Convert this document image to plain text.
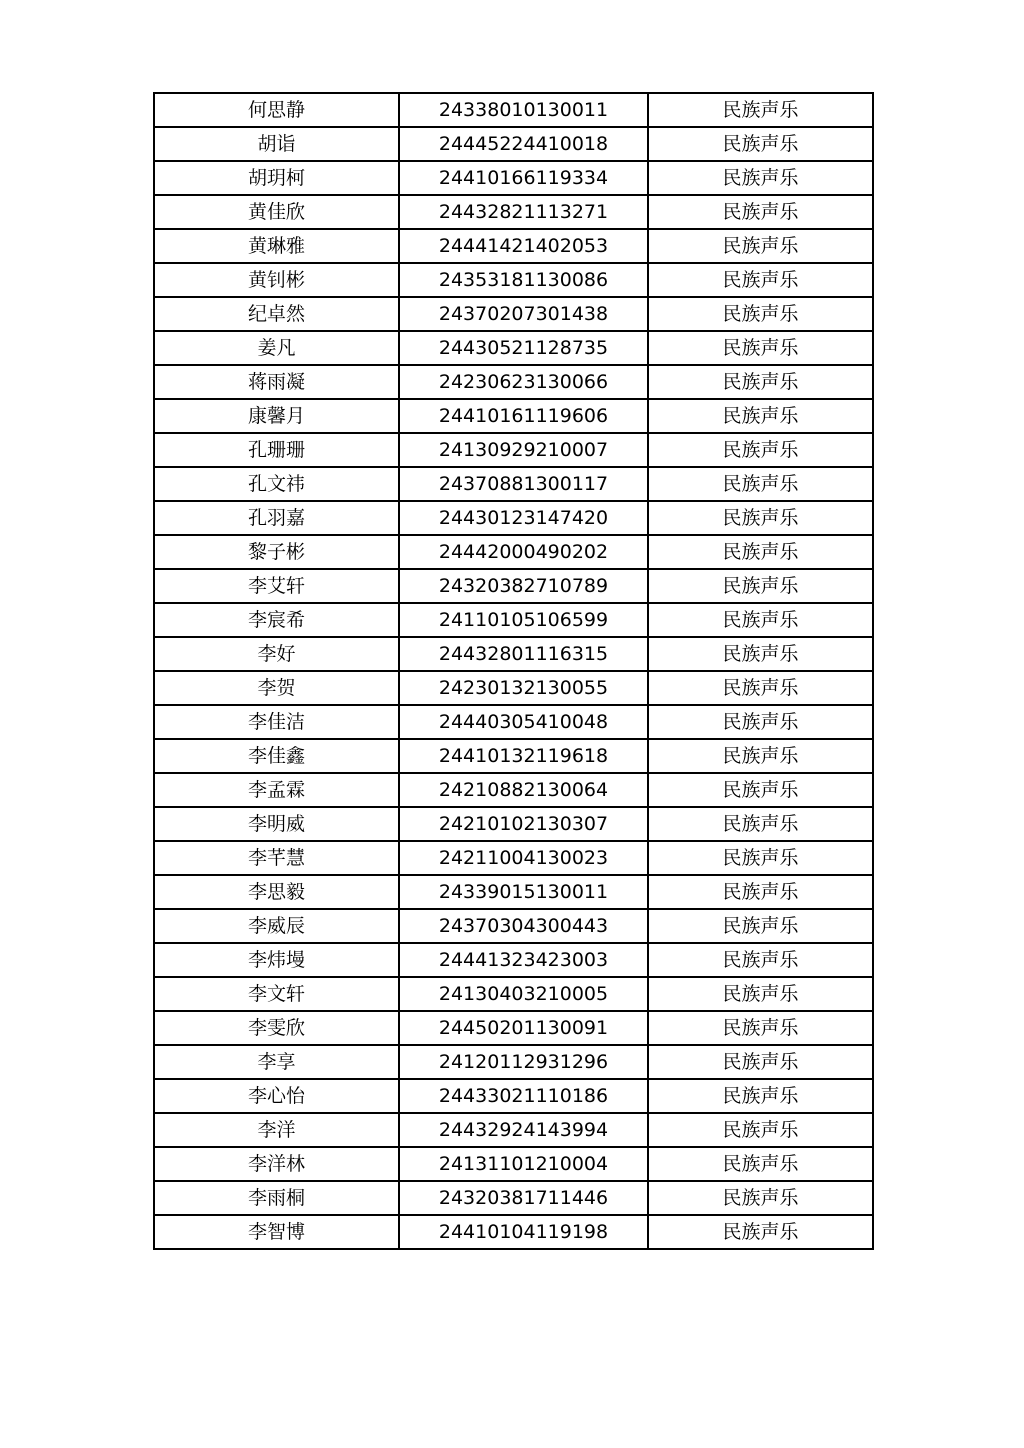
何思静	24338010130011	民族声乐
胡诣	24445224410018	民族声乐
胡玥柯	24410166119334	民族声乐
黄佳欣	24432821113271	民族声乐
黄琳雅	24441421402053	民族声乐
黄钊彬	24353181130086	民族声乐
纪卓然	24370207301438	民族声乐
姜凡	24430521128735	民族声乐
蒋雨凝	24230623130066	民族声乐
康馨月	24410161119606	民族声乐
孔珊珊	24130929210007	民族声乐
孔文祎	24370881300117	民族声乐
孔羽嘉	24430123147420	民族声乐
黎子彬	24442000490202	民族声乐
李艾轩	24320382710789	民族声乐
李宸希	24110105106599	民族声乐
李好	24432801116315	民族声乐
李贺	24230132130055	民族声乐
李佳洁	24440305410048	民族声乐
李佳鑫	24410132119618	民族声乐
李孟霖	24210882130064	民族声乐
李明威	24210102130307	民族声乐
李芊慧	24211004130023	民族声乐
李思毅	24339015130011	民族声乐
李威辰	24370304300443	民族声乐
李炜墁	24441323423003	民族声乐
李文轩	24130403210005	民族声乐
李雯欣	24450201130091	民族声乐
李享	24120112931296	民族声乐
李心怡	24433021110186	民族声乐
李洋	24432924143994	民族声乐
李洋林	24131101210004	民族声乐
李雨桐	24320381711446	民族声乐
李智博	24410104119198	民族声乐
